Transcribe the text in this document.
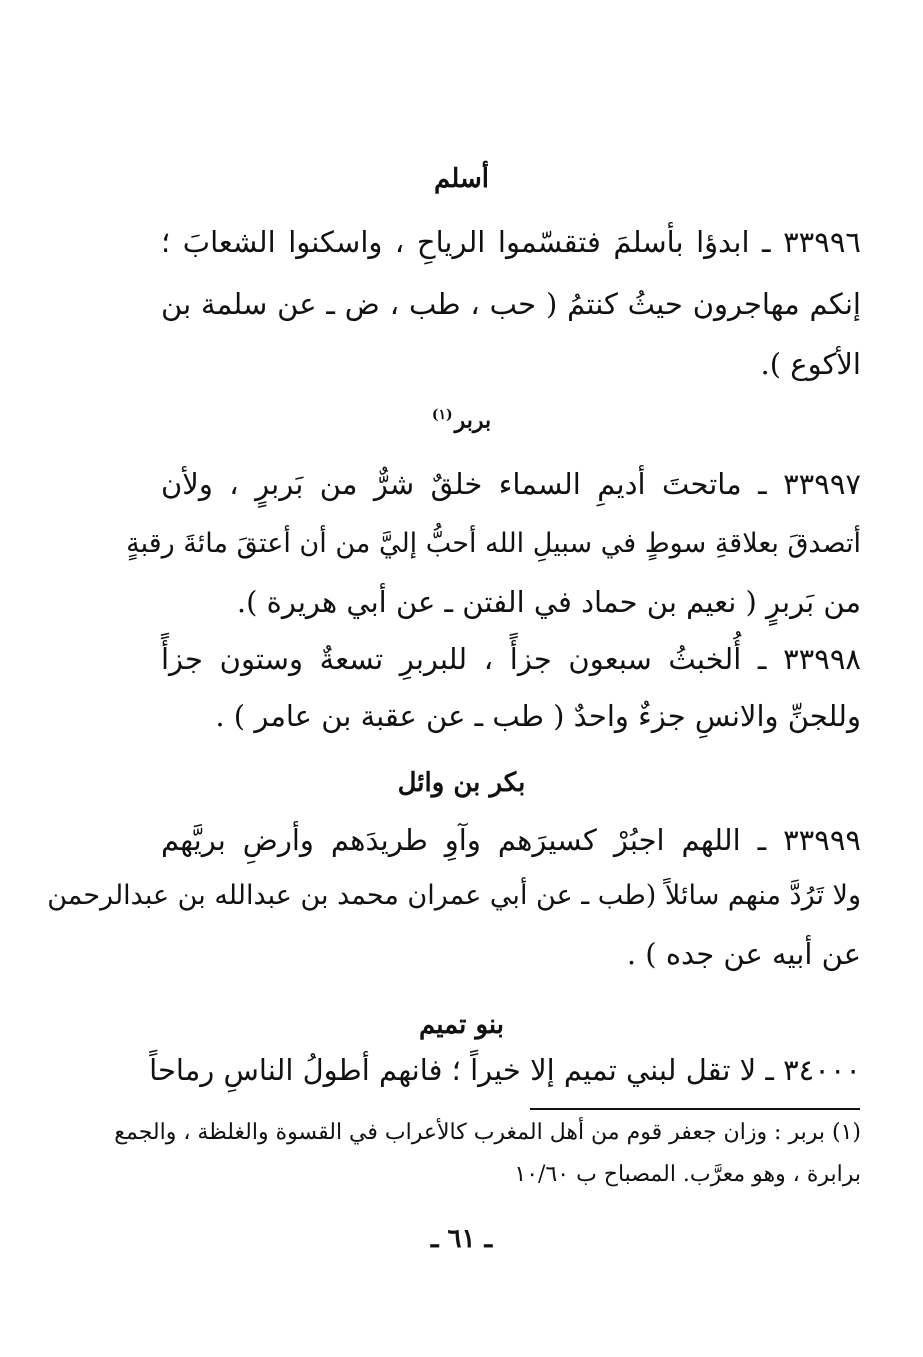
أسلم
٣٣٩٩٦ ـ ابدؤا بأسلمَ فتقسّموا الرياحِ ، واسكنوا الشعابَ ؛
إنكم مهاجرون حيثُ كنتمُ ( حب ، طب ، ض ـ عن سلمة بن
الأكوع ).
بربر$^{(١)}$
٣٣٩٩٧ ـ ماتحتَ أديمِ السماء خلقٌ شرٌّ من بَربرٍ ، ولأن
أتصدقَ بعلاقةِ سوطٍ في سبيلِ الله أحبُّ إليَّ من أن أعتقَ مائةَ رقبةٍ
من بَربرٍ ( نعيم بن حماد في الفتن ـ عن أبي هريرة ).
٣٣٩٩٨ ـ أُلخبثُ سبعون جزأً ، للبربرِ تسعةٌ وستون جزأً
وللجنِّ والانسِ جزءٌ واحدٌ ( طب ـ عن عقبة بن عامر ) .
بكر بن وائل
٣٣٩٩٩ ـ اللهم اجبُرْ كسيرَهم وآوِ طريدَهم وأرضِ بريَّهم
ولا تَرُدَّ منهم سائلاً (طب ـ عن أبي عمران محمد بن عبدالله بن عبدالرحمن
عن أبيه عن جده ) .
بنو تميم
٣٤٠٠٠ ـ لا تقل لبني تميم إلا خيراً ؛ فانهم أطولُ الناسِ رماحاً
(١) بربر : وزان جعفر قوم من أهل المغرب كالأعراب في القسوة والغلظة ، والجمع
برابرة ، وهو معرَّب. المصباح ب ١٠/٦٠
ـ ٦١ ـ
